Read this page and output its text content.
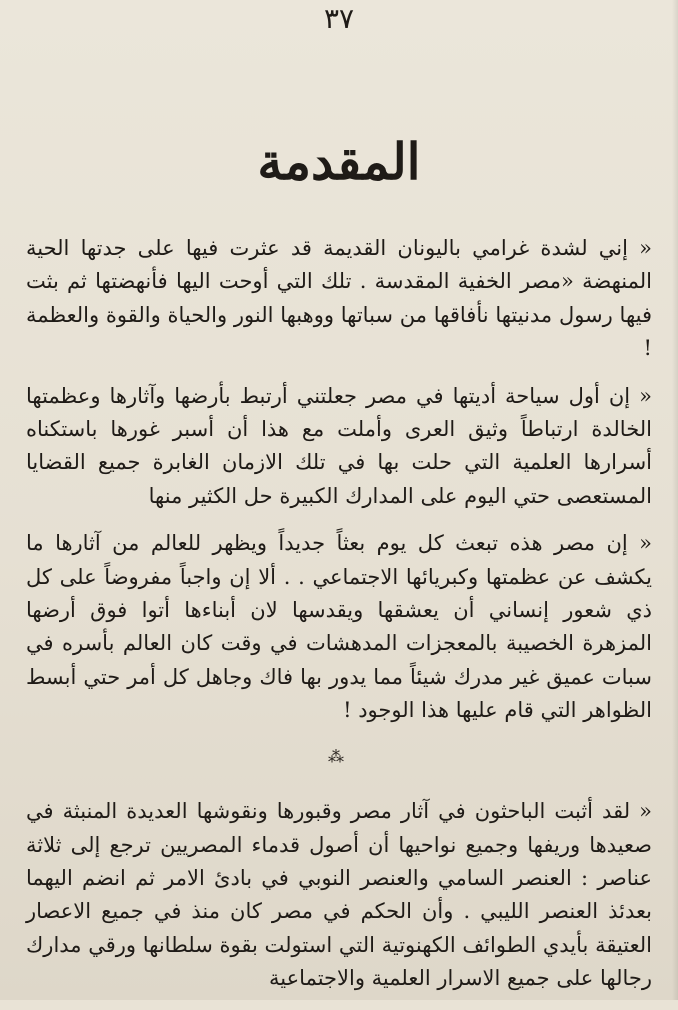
٣٧
المقدمة

« إني لشدة غرامي باليونان القديمة قد عثرت فيها على جدتها الحية المنهضة «مصر الخفية المقدسة . تلك التي أوحت اليها فأنهضتها ثم بثت فيها رسول مدنيتها نأفاقها من سباتها ووهبها النور والحياة والقوة والعظمة !

« إن أول سياحة أديتها في مصر جعلتني أرتبط بأرضها وآثارها وعظمتها الخالدة ارتباطاً وثيق العرى وأملت مع هذا أن أسبر غورها باستكناه أسرارها العلمية التي حلت بها في تلك الازمان الغابرة جميع القضايا المستعصى حتي اليوم على المدارك الكبيرة حل الكثير منها

« إن مصر هذه تبعث كل يوم بعثاً جديداً ويظهر للعالم من آثارها ما يكشف عن عظمتها وكبريائها الاجتماعي . . ألا إن واجباً مفروضاً على كل ذي شعور إنساني أن يعشقها ويقدسها لان أبناءها أتوا فوق أرضها المزهرة الخصيبة بالمعجزات المدهشات في وقت كان العالم بأسره في سبات عميق غير مدرك شيئاً مما يدور بها فاك وجاهل كل أمر حتي أبسط الظواهر التي قام عليها هذا الوجود !

⁂

« لقد أثبت الباحثون في آثار مصر وقبورها ونقوشها العديدة المنبثة في صعيدها وريفها وجميع نواحيها أن أصول قدماء المصريين ترجع إلى ثلاثة عناصر : العنصر السامي والعنصر النوبي في بادئ الامر ثم انضم اليهما بعدئذ العنصر الليبي . وأن الحكم في مصر كان منذ في جميع الاعصار العتيقة بأيدي الطوائف الكهنوتية التي استولت بقوة سلطانها ورقي مدارك رجالها على جميع الاسرار العلمية والاجتماعية
